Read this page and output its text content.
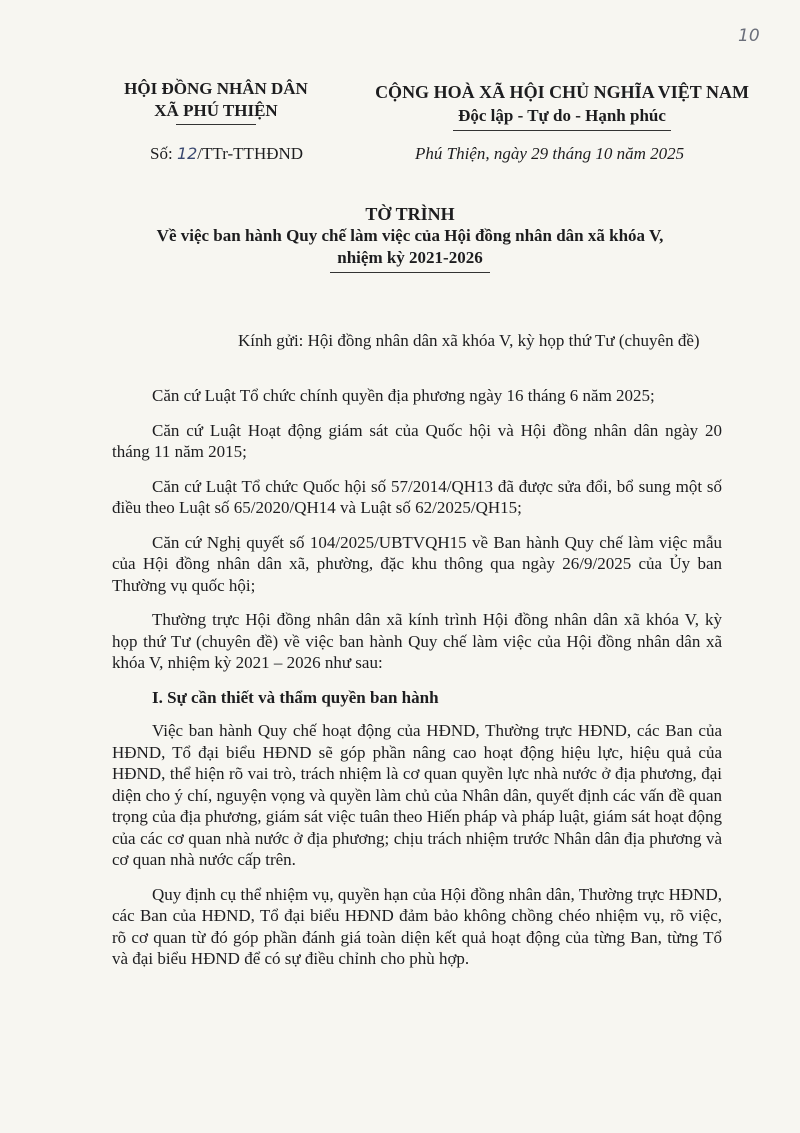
10
HỘI ĐỒNG NHÂN DÂN
XÃ PHÚ THIỆN
CỘNG HOÀ XÃ HỘI CHỦ NGHĨA VIỆT NAM
Độc lập - Tự do - Hạnh phúc
Số: 12/TTr-TTHĐND	Phú Thiện, ngày 29 tháng 10 năm 2025
TỜ TRÌNH
Về việc ban hành Quy chế làm việc của Hội đồng nhân dân xã khóa V,
nhiệm kỳ 2021-2026
Kính gửi: Hội đồng nhân dân xã khóa V, kỳ họp thứ Tư (chuyên đề)

Căn cứ Luật Tổ chức chính quyền địa phương ngày 16 tháng 6 năm 2025;

Căn cứ Luật Hoạt động giám sát của Quốc hội và Hội đồng nhân dân ngày 20 tháng 11 năm 2015;

Căn cứ Luật Tổ chức Quốc hội số 57/2014/QH13 đã được sửa đổi, bổ sung một số điều theo Luật số 65/2020/QH14 và Luật số 62/2025/QH15;

Căn cứ Nghị quyết số 104/2025/UBTVQH15 về Ban hành Quy chế làm việc mẫu của Hội đồng nhân dân xã, phường, đặc khu thông qua ngày 26/9/2025 của Ủy ban Thường vụ quốc hội;

Thường trực Hội đồng nhân dân xã kính trình Hội đồng nhân dân xã khóa V, kỳ họp thứ Tư (chuyên đề) về việc ban hành Quy chế làm việc của Hội đồng nhân dân xã khóa V, nhiệm kỳ 2021 – 2026 như sau:

I. Sự cần thiết và thẩm quyền ban hành

Việc ban hành Quy chế hoạt động của HĐND, Thường trực HĐND, các Ban của HĐND, Tổ đại biểu HĐND sẽ góp phần nâng cao hoạt động hiệu lực, hiệu quả của HĐND, thể hiện rõ vai trò, trách nhiệm là cơ quan quyền lực nhà nước ở địa phương, đại diện cho ý chí, nguyện vọng và quyền làm chủ của Nhân dân, quyết định các vấn đề quan trọng của địa phương, giám sát việc tuân theo Hiến pháp và pháp luật, giám sát hoạt động của các cơ quan nhà nước ở địa phương; chịu trách nhiệm trước Nhân dân địa phương và cơ quan nhà nước cấp trên.

Quy định cụ thể nhiệm vụ, quyền hạn của Hội đồng nhân dân, Thường trực HĐND, các Ban của HĐND, Tổ đại biểu HĐND đảm bảo không chồng chéo nhiệm vụ, rõ việc, rõ cơ quan từ đó góp phần đánh giá toàn diện kết quả hoạt động của từng Ban, từng Tổ và đại biểu HĐND để có sự điều chỉnh cho phù hợp.
